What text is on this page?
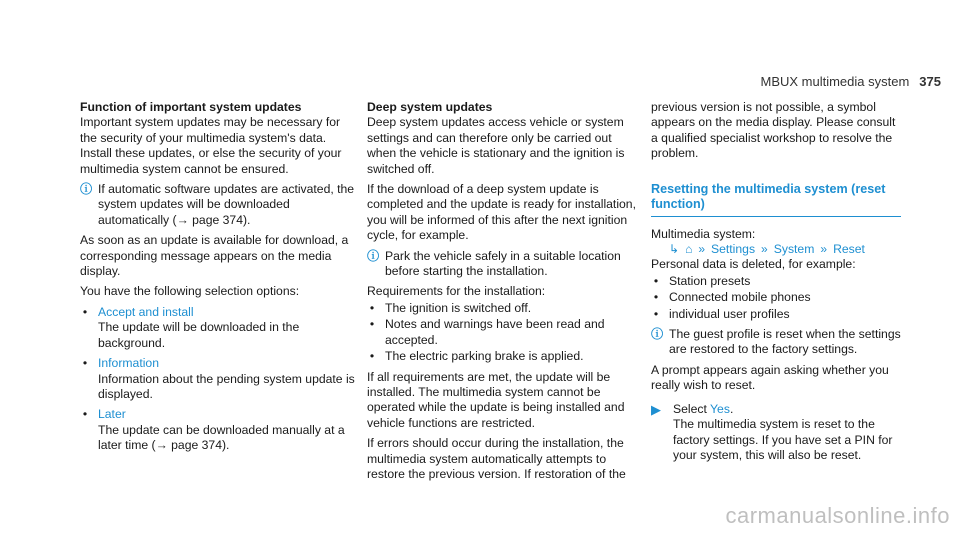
MBUX multimedia system 375

Function of important system updates

Important system updates may be necessary for the security of your multimedia system's data. Install these updates, or else the security of your multimedia system cannot be ensured.

ⓘ If automatic software updates are activated, the system updates will be downloaded automatically (→ page 374).

As soon as an update is available for download, a corresponding message appears on the media display.

You have the following selection options:

• Accept and install

The update will be downloaded in the background.

• Information

Information about the pending system update is displayed.

• Later

The update can be downloaded manually at a later time (→ page 374).

Deep system updates

Deep system updates access vehicle or system settings and can therefore only be carried out when the vehicle is stationary and the ignition is switched off.

If the download of a deep system update is completed and the update is ready for installation, you will be informed of this after the next ignition cycle, for example.

ⓘ Park the vehicle safely in a suitable location before starting the installation.

Requirements for the installation:

• The ignition is switched off.
• Notes and warnings have been read and accepted.
• The electric parking brake is applied.

If all requirements are met, the update will be installed. The multimedia system cannot be operated while the update is being installed and vehicle functions are restricted.

If errors should occur during the installation, the multimedia system automatically attempts to restore the previous version. If restoration of the

previous version is not possible, a symbol appears on the media display. Please consult a qualified specialist workshop to resolve the problem.

Resetting the multimedia system (reset function)

Multimedia system:

↳ ⌂ » Settings » System » Reset

Personal data is deleted, for example:

• Station presets
• Connected mobile phones
• individual user profiles
ⓘ The guest profile is reset when the settings are restored to the factory settings.

A prompt appears again asking whether you really wish to reset.

▶ Select Yes.

The multimedia system is reset to the factory settings. If you have set a PIN for your system, this will also be reset.

carmanualsonline.info
